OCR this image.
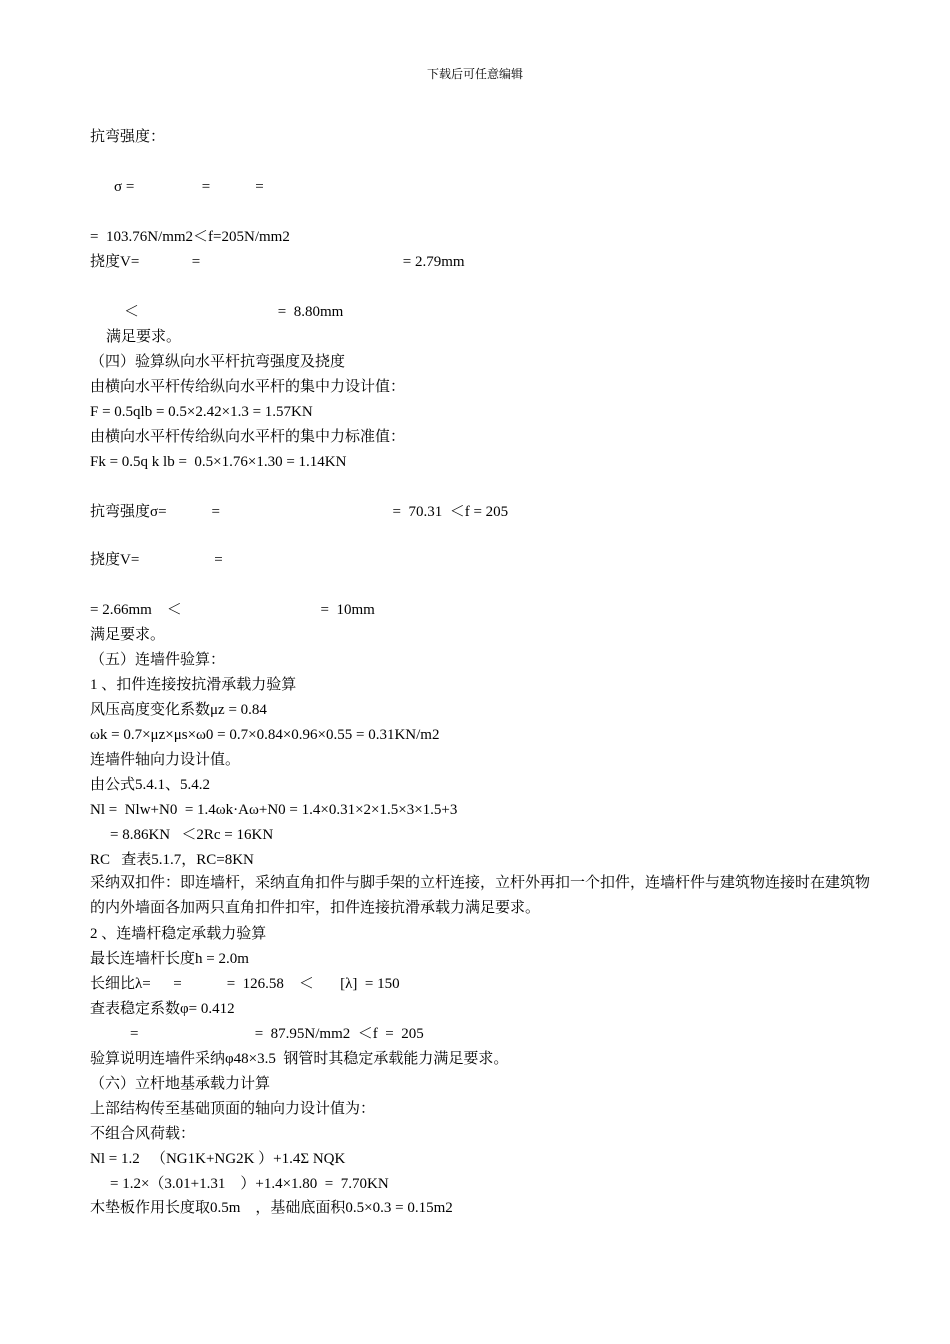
下载后可任意编辑
抗弯强度：
σ =                  =            =
=  103.76N/mm2＜f=205N/mm2
挠度V=              =                                                      = 2.79mm
＜                                     =  8.80mm
满足要求。
（四）验算纵向水平杆抗弯强度及挠度
由横向水平杆传给纵向水平杆的集中力设计值：
F = 0.5qlb = 0.5×2.42×1.3 = 1.57KN
由横向水平杆传给纵向水平杆的集中力标准值：
Fk = 0.5q k lb =  0.5×1.76×1.30 = 1.14KN
抗弯强度σ=            =                                              =  70.31  ＜f = 205
挠度V=                    =
= 2.66mm    ＜                                     =  10mm
满足要求。
（五）连墙件验算：
1 、扣件连接按抗滑承载力验算
风压高度变化系数μz = 0.84
ωk = 0.7×μz×μs×ω0 = 0.7×0.84×0.96×0.55 = 0.31KN/m2
连墙件轴向力设计值。
由公式5.4.1、5.4.2
Nl =  Nlw+N0  = 1.4ωk·Aω+N0 = 1.4×0.31×2×1.5×3×1.5+3
= 8.86KN   ＜2Rc = 16KN
RC   查表5.1.7，RC=8KN
采纳双扣件：即连墙杆，采纳直角扣件与脚手架的立杆连接，立杆外再扣一个扣件，连墙杆件与建筑物连接时在建筑物的内外墙面各加两只直角扣件扣牢，扣件连接抗滑承载力满足要求。
2 、连墙杆稳定承载力验算
最长连墙杆长度h = 2.0m
长细比λ=      =            =  126.58    ＜       [λ]  = 150
查表稳定系数φ= 0.412
=                               =  87.95N/mm2  ＜f  =  205
验算说明连墙件采纳φ48×3.5  钢管时其稳定承载能力满足要求。
（六）立杆地基承载力计算
上部结构传至基础顶面的轴向力设计值为：
不组合风荷载：
Nl = 1.2   （NG1K+NG2K ）+1.4Σ NQK
= 1.2×（3.01+1.31    ）+1.4×1.80  =  7.70KN
木垫板作用长度取0.5m    ，基础底面积0.5×0.3 = 0.15m2
